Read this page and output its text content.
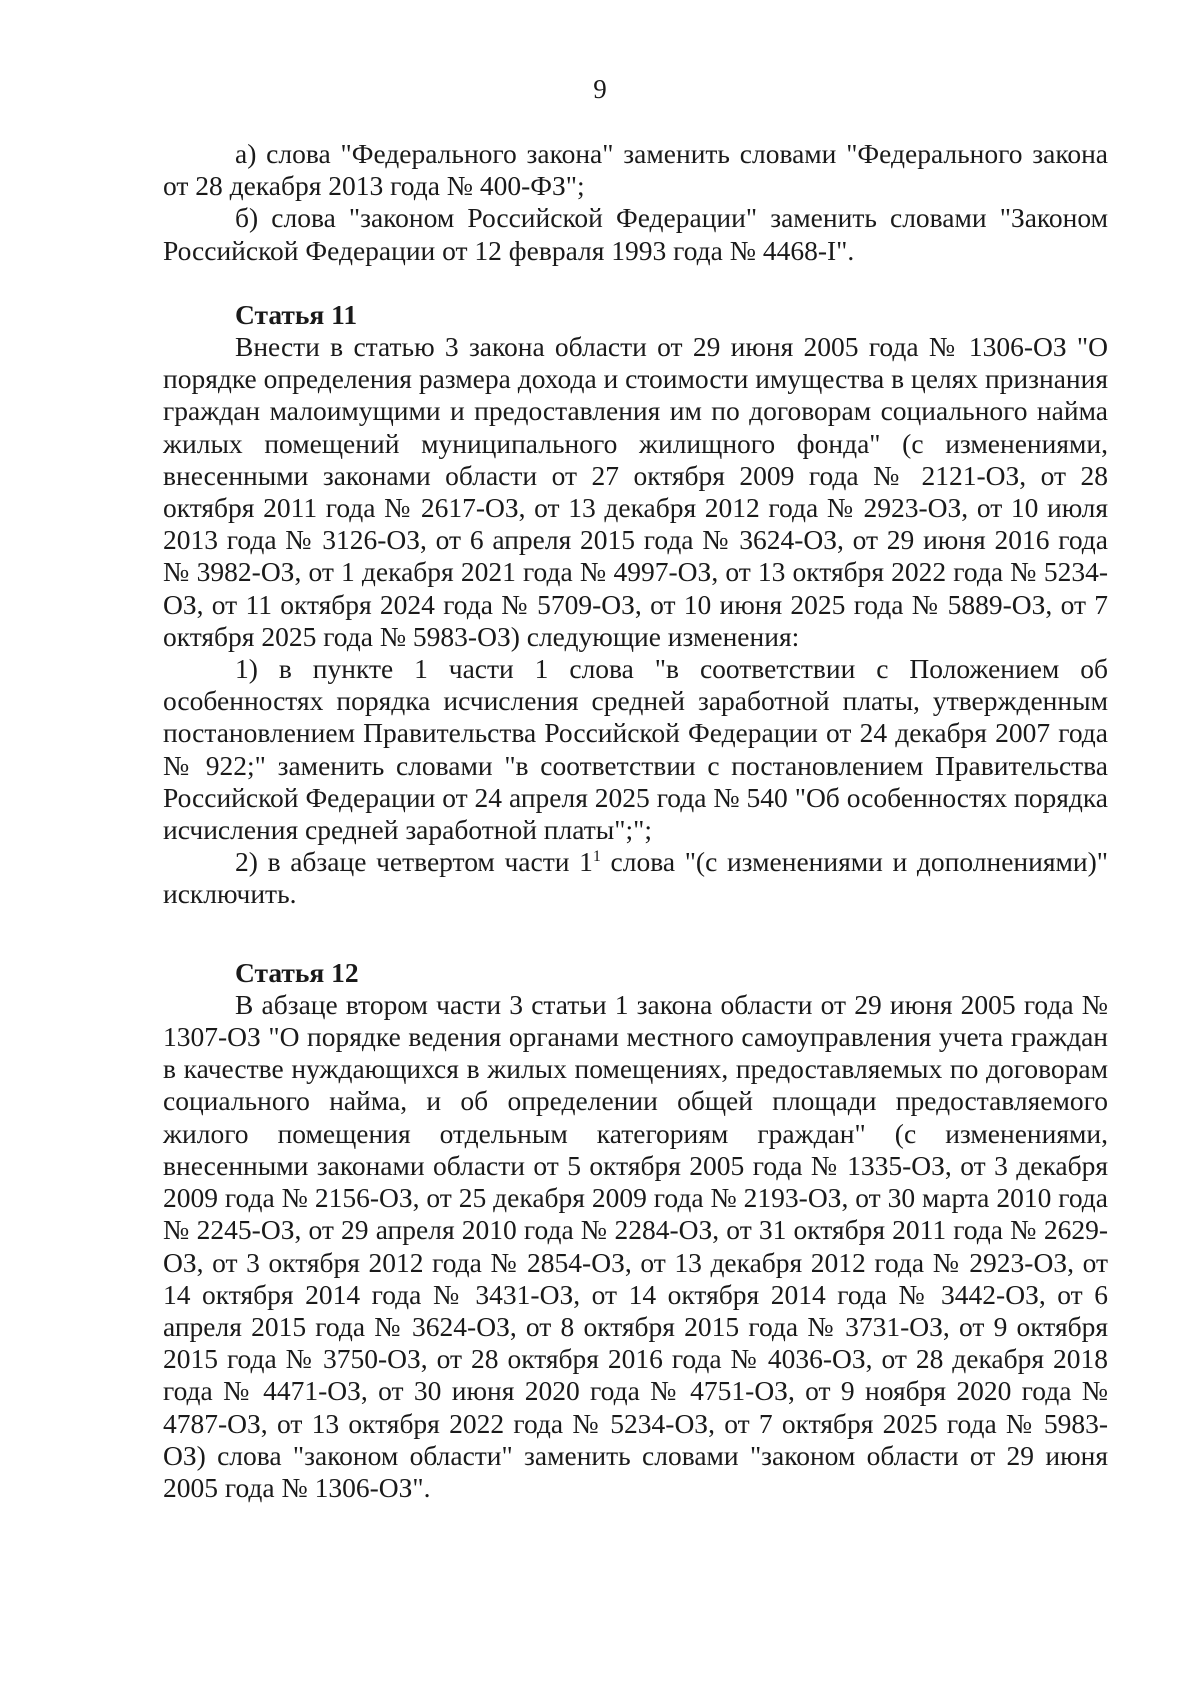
9

а) слова "Федерального закона" заменить словами "Федерального закона от 28 декабря 2013 года № 400-ФЗ";

б) слова "законом Российской Федерации" заменить словами "Законом Российской Федерации от 12 февраля 1993 года № 4468-I".

Статья 11

Внести в статью 3 закона области от 29 июня 2005 года № 1306-ОЗ "О порядке определения размера дохода и стоимости имущества в целях признания граждан малоимущими и предоставления им по договорам социального найма жилых помещений муниципального жилищного фонда" (с изменениями, внесенными законами области от 27 октября 2009 года № 2121-ОЗ, от 28 октября 2011 года № 2617-ОЗ, от 13 декабря 2012 года № 2923-ОЗ, от 10 июля 2013 года № 3126-ОЗ, от 6 апреля 2015 года № 3624-ОЗ, от 29 июня 2016 года № 3982-ОЗ, от 1 декабря 2021 года № 4997-ОЗ, от 13 октября 2022 года № 5234-ОЗ, от 11 октября 2024 года № 5709-ОЗ, от 10 июня 2025 года № 5889-ОЗ, от 7 октября 2025 года № 5983-ОЗ) следующие изменения:

1) в пункте 1 части 1 слова "в соответствии с Положением об особенностях порядка исчисления средней заработной платы, утвержденным постановлением Правительства Российской Федерации от 24 декабря 2007 года № 922;" заменить словами "в соответствии с постановлением Правительства Российской Федерации от 24 апреля 2025 года № 540 "Об особенностях порядка исчисления средней заработной платы";";

2) в абзаце четвертом части $1^1$ слова "(с изменениями и дополнениями)" исключить.

Статья 12

В абзаце втором части 3 статьи 1 закона области от 29 июня 2005 года № 1307-ОЗ "О порядке ведения органами местного самоуправления учета граждан в качестве нуждающихся в жилых помещениях, предоставляемых по договорам социального найма, и об определении общей площади предоставляемого жилого помещения отдельным категориям граждан" (с изменениями, внесенными законами области от 5 октября 2005 года № 1335-ОЗ, от 3 декабря 2009 года № 2156-ОЗ, от 25 декабря 2009 года № 2193-ОЗ, от 30 марта 2010 года № 2245-ОЗ, от 29 апреля 2010 года № 2284-ОЗ, от 31 октября 2011 года № 2629-ОЗ, от 3 октября 2012 года № 2854-ОЗ, от 13 декабря 2012 года № 2923-ОЗ, от 14 октября 2014 года № 3431-ОЗ, от 14 октября 2014 года № 3442-ОЗ, от 6 апреля 2015 года № 3624-ОЗ, от 8 октября 2015 года № 3731-ОЗ, от 9 октября 2015 года № 3750-ОЗ, от 28 октября 2016 года № 4036-ОЗ, от 28 декабря 2018 года № 4471-ОЗ, от 30 июня 2020 года № 4751-ОЗ, от 9 ноября 2020 года № 4787-ОЗ, от 13 октября 2022 года № 5234-ОЗ, от 7 октября 2025 года № 5983-ОЗ) слова "законом области" заменить словами "законом области от 29 июня 2005 года № 1306-ОЗ".
